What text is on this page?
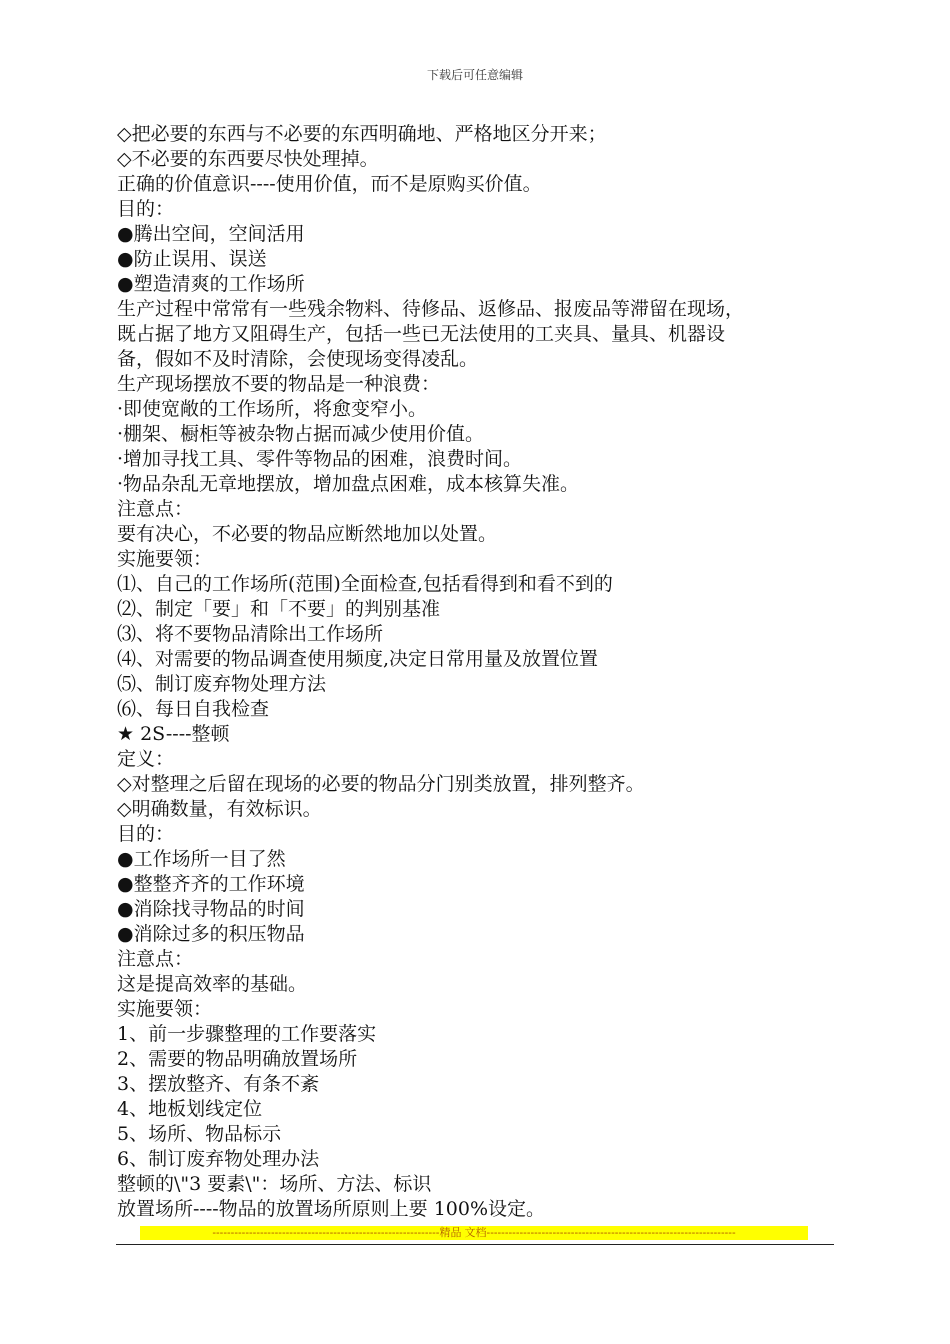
下载后可任意编辑
◇把必要的东西与不必要的东西明确地、严格地区分开来；
◇不必要的东西要尽快处理掉。
正确的价值意识----使用价值，而不是原购买价值。
目的：
●腾出空间，空间活用
●防止误用、误送
●塑造清爽的工作场所
生产过程中常常有一些残余物料、待修品、返修品、报废品等滞留在现场，
既占据了地方又阻碍生产，包括一些已无法使用的工夹具、量具、机器设
备，假如不及时清除，会使现场变得凌乱。
生产现场摆放不要的物品是一种浪费：
·即使宽敞的工作场所，将愈变窄小。
·棚架、橱柜等被杂物占据而减少使用价值。
·增加寻找工具、零件等物品的困难，浪费时间。
·物品杂乱无章地摆放，增加盘点困难，成本核算失准。
注意点：
要有决心，不必要的物品应断然地加以处置。
实施要领：
⑴、自己的工作场所(范围)全面检查,包括看得到和看不到的
⑵、制定「要」和「不要」的判别基准
⑶、将不要物品清除出工作场所
⑷、对需要的物品调查使用频度,决定日常用量及放置位置
⑸、制订废弃物处理方法
⑹、每日自我检查
★ 2S----整顿
定义：
◇对整理之后留在现场的必要的物品分门别类放置，排列整齐。
◇明确数量，有效标识。
目的：
●工作场所一目了然
●整整齐齐的工作环境
●消除找寻物品的时间
●消除过多的积压物品
注意点：
这是提高效率的基础。
实施要领：
1、前一步骤整理的工作要落实
2、需要的物品明确放置场所
3、摆放整齐、有条不紊
4、地板划线定位
5、场所、物品标示
6、制订废弃物处理办法
整顿的\"3 要素\"：场所、方法、标识
放置场所----物品的放置场所原则上要 100%设定。
--------------------------------------------------------------精品 文档--------------------------------------------------------------------
